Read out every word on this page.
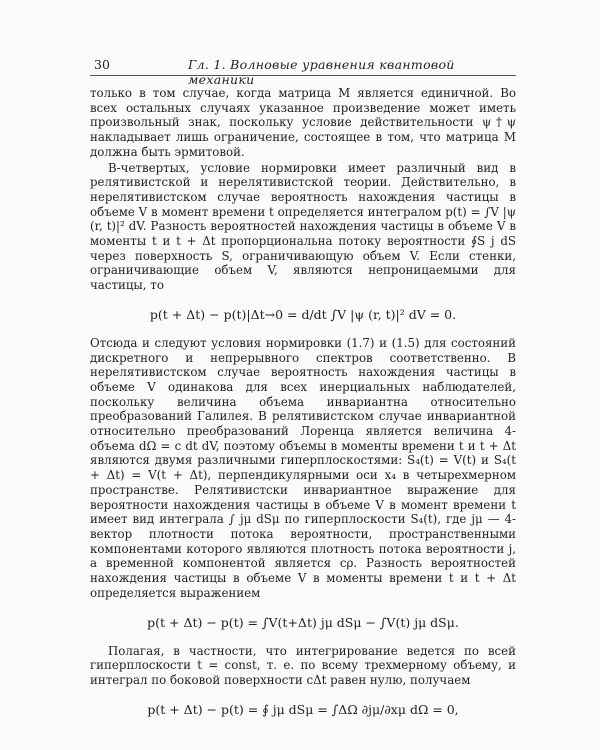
30	Гл. 1. Волновые уравнения квантовой механики

только в том случае, когда матрица M является единичной. Во всех остальных случаях указанное произведение может иметь произвольный знак, поскольку условие действительности ψ†ψ накладывает лишь ограничение, состоящее в том, что матрица M должна быть эрмитовой.

В-четвертых, условие нормировки имеет различный вид в релятивистской и нерелятивистской теории. Действительно, в нерелятивистском случае вероятность нахождения частицы в объеме V в момент времени t определяется интегралом p(t) = ∫V |ψ (r, t)|² dV. Разность вероятностей нахождения частицы в объеме V в моменты t и t + Δt пропорциональна потоку вероятности ∮S j dS через поверхность S, ограничивающую объем V. Если стенки, ограничивающие объем V, являются непроницаемыми для частицы, то

p(t + Δt) − p(t)|Δt→0 = d/dt ∫V |ψ (r, t)|² dV = 0.

Отсюда и следуют условия нормировки (1.7) и (1.5) для состояний дискретного и непрерывного спектров соответственно. В нерелятивистском случае вероятность нахождения частицы в объеме V одинакова для всех инерциальных наблюдателей, поскольку величина объема инвариантна относительно преобразований Галилея. В релятивистском случае инвариантной относительно преобразований Лоренца является величина 4-объема dΩ = c dt dV, поэтому объемы в моменты времени t и t + Δt являются двумя различными гиперплоскостями: S₄(t) = V(t) и S₄(t + Δt) = V(t + Δt), перпендикулярными оси x₄ в четырехмерном пространстве. Релятивистски инвариантное выражение для вероятности нахождения частицы в объеме V в момент времени t имеет вид интеграла ∫ jμ dSμ по гиперплоскости S₄(t), где jμ — 4-вектор плотности потока вероятности, пространственными компонентами которого являются плотность потока вероятности j, а временной компонентой является cρ. Разность вероятностей нахождения частицы в объеме V в моменты времени t и t + Δt определяется выражением

p(t + Δt) − p(t) = ∫V(t+Δt) jμ dSμ − ∫V(t) jμ dSμ.

Полагая, в частности, что интегрирование ведется по всей гиперплоскости t = const, т. е. по всему трехмерному объему, и интеграл по боковой поверхности cΔt равен нулю, получаем

p(t + Δt) − p(t) = ∮ jμ dSμ = ∫ΔΩ ∂jμ/∂xμ dΩ = 0,
